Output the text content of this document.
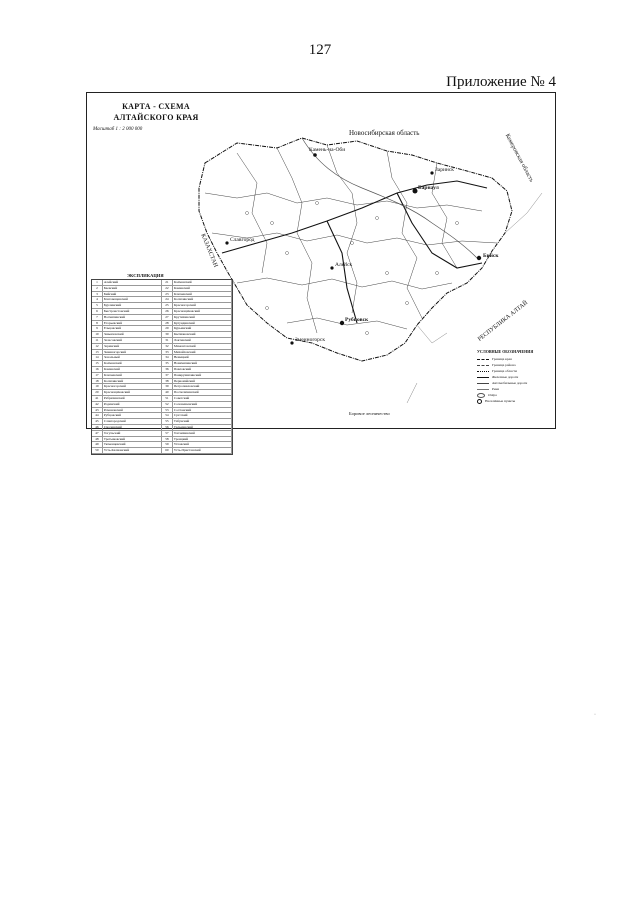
127
Приложение № 4
КАРТА - СХЕМА
АЛТАЙСКОГО КРАЯ
Масштаб 1 : 2 000 000	Новосибирская область	Кемеровская область
КАЗАХСТАН
РЕСПУБЛИКА АЛТАЙ
Камень-на-Оби
Барнаул
Бийск
Рубцовск
Славгород
Заринск
Алейск
Змеиногорск
ЭКСПЛИКАЦИЯ
1	Алейский	21	Калманский
2	Баевский	22	Каменский
3	Бийский	23	Ключевский
4	Благовещенский	24	Косихинский
5	Бурлинский	25	Красногорский
6	Быстроистокский	26	Краснощёковский
7	Волчихинский	27	Крутихинский
8	Егорьевский	28	Кулундинский
9	Ельцовский	29	Курьинский
10	Завьяловский	30	Кытмановский
11	Залесовский	31	Локтевский
12	Заринский	32	Мамонтовский
13	Змеиногорский	33	Михайловский
14	Зональный	34	Немецкий
15	Калманский	35	Новичихинский
16	Каменский	36	Павловский
17	Ключевский	37	Панкрушихинский
18	Косихинский	38	Первомайский
19	Красногорский	39	Петропавловский
20	Краснощёковский	40	Поспелихинский
41	Ребрихинский	51	Советский
42	Родинский	52	Солонешенский
43	Романовский	53	Солтонский
44	Рубцовский	54	Суетский
45	Славгородский	55	Табунский
46	Смоленский	56	Тальменский
47	Тогульский	57	Топчихинский
48	Третьяковский	58	Троицкий
49	Тюменцевский	59	Угловский
50	Усть-Калманский	60	Усть-Пристанский
УСЛОВНЫЕ ОБОЗНАЧЕНИЯ
Граница края
Граница района
Граница области
Железные дороги
Автомобильные дороги
Реки
Озёра
Населённые пункты
Боровое лесничество
·
